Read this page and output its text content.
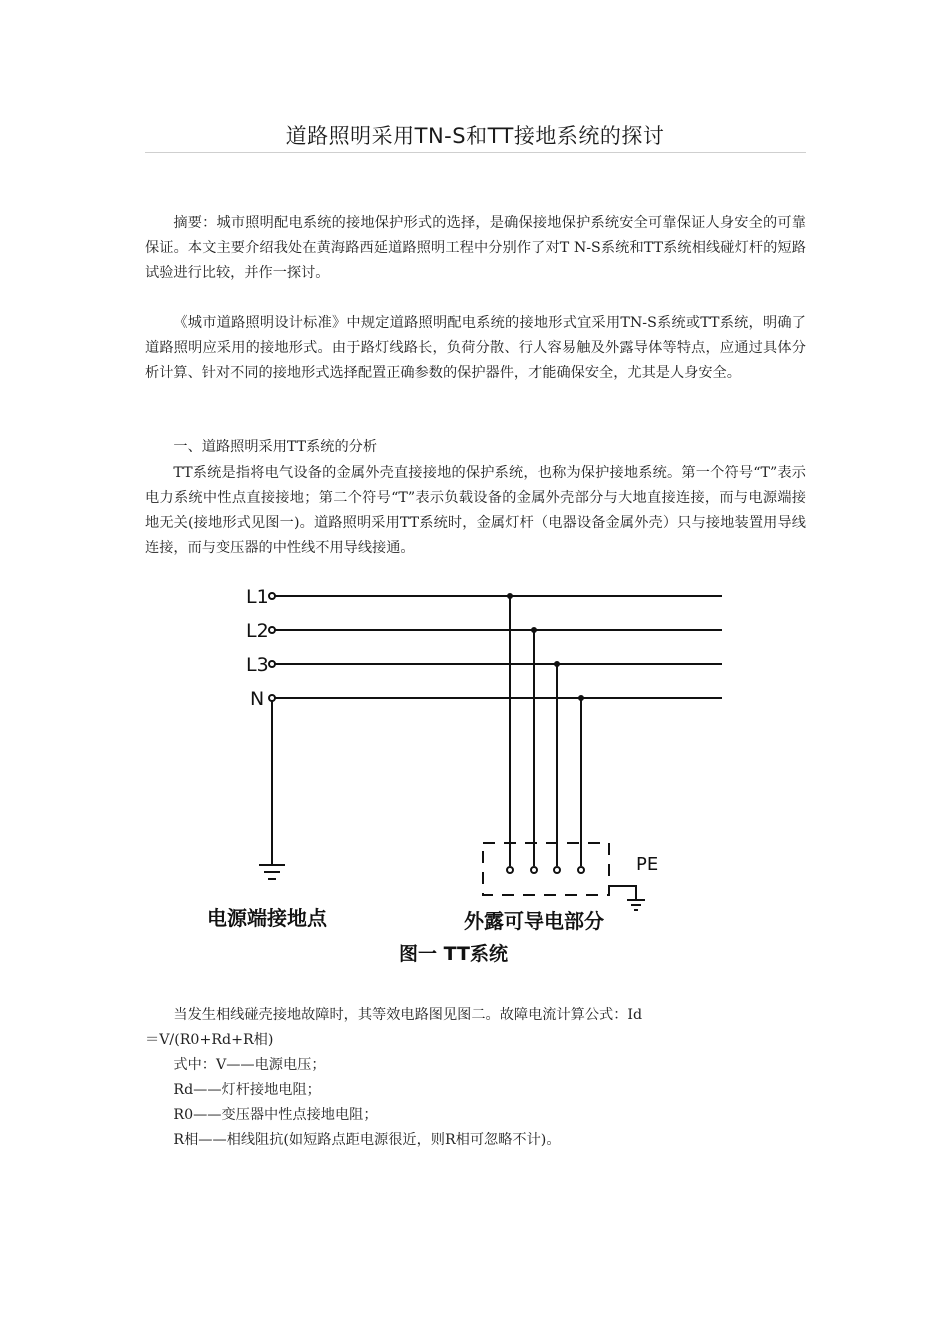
道路照明采用TN-S和TT接地系统的探讨

摘要：城市照明配电系统的接地保护形式的选择，是确保接地保护系统安全可靠保证人身安全的可靠保证。本文主要介绍我处在黄海路西延道路照明工程中分别作了对T N-S系统和TT系统相线碰灯杆的短路试验进行比较，并作一探讨。

《城市道路照明设计标准》中规定道路照明配电系统的接地形式宜采用TN-S系统或TT系统，明确了道路照明应采用的接地形式。由于路灯线路长，负荷分散、行人容易触及外露导体等特点，应通过具体分析计算、针对不同的接地形式选择配置正确参数的保护器件，才能确保安全，尤其是人身安全。

一、道路照明采用TT系统的分析

TT系统是指将电气设备的金属外壳直接接地的保护系统，也称为保护接地系统。第一个符号“T”表示电力系统中性点直接接地；第二个符号“T”表示负载设备的金属外壳部分与大地直接连接，而与电源端接地无关(接地形式见图一)。道路照明采用TT系统时，金属灯杆（电器设备金属外壳）只与接地装置用导线连接，而与变压器的中性线不用导线接通。

L1
L2
L3
N
PE
电源端接地点	外露可导电部分
图一 TT系统

当发生相线碰壳接地故障时，其等效电路图见图二。故障电流计算公式：Id

＝V/(R0+Rd+R相)

式中：V——电源电压；

Rd——灯杆接地电阻；

R0——变压器中性点接地电阻；

R相——相线阻抗(如短路点距电源很近，则R相可忽略不计)。
